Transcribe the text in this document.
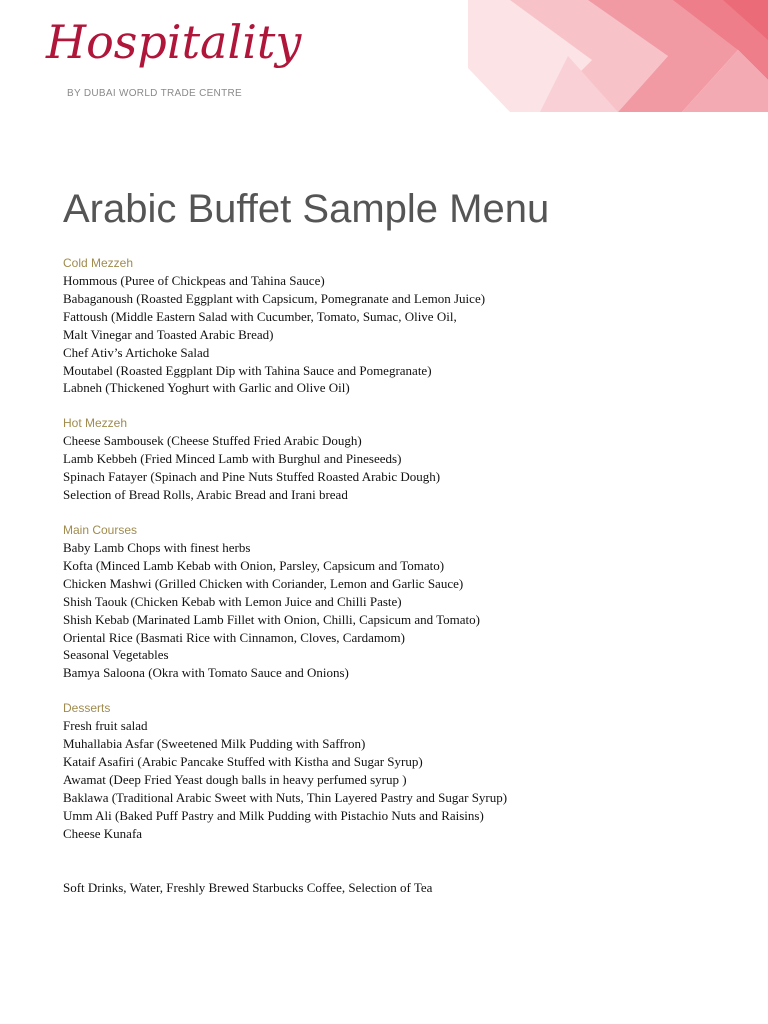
Hospitality
BY DUBAI WORLD TRADE CENTRE
Arabic Buffet Sample Menu
Cold Mezzeh
Hommous (Puree of Chickpeas and Tahina Sauce)
Babaganoush (Roasted Eggplant with Capsicum, Pomegranate and Lemon Juice)
Fattoush (Middle Eastern Salad with Cucumber, Tomato, Sumac, Olive Oil,
Malt Vinegar and Toasted Arabic Bread)
Chef Ativ’s Artichoke Salad
Moutabel (Roasted Eggplant Dip with Tahina Sauce and Pomegranate)
Labneh (Thickened Yoghurt with Garlic and Olive Oil)
Hot Mezzeh
Cheese Sambousek (Cheese Stuffed Fried Arabic Dough)
Lamb Kebbeh (Fried Minced Lamb with Burghul and Pineseeds)
Spinach Fatayer (Spinach and Pine Nuts Stuffed Roasted Arabic Dough)
Selection of Bread Rolls, Arabic Bread and Irani bread
Main Courses
Baby Lamb Chops with finest herbs
Kofta (Minced Lamb Kebab with Onion, Parsley, Capsicum and Tomato)
Chicken Mashwi (Grilled Chicken with Coriander, Lemon and Garlic Sauce)
Shish Taouk (Chicken Kebab with Lemon Juice and Chilli Paste)
Shish Kebab (Marinated Lamb Fillet with Onion, Chilli, Capsicum and Tomato)
Oriental Rice (Basmati Rice with Cinnamon, Cloves, Cardamom)
Seasonal Vegetables
Bamya Saloona (Okra with Tomato Sauce and Onions)
Desserts
Fresh fruit salad
Muhallabia Asfar (Sweetened Milk Pudding with Saffron)
Kataif Asafiri (Arabic Pancake Stuffed with Kistha and Sugar Syrup)
Awamat (Deep Fried Yeast dough balls in heavy perfumed syrup )
Baklawa (Traditional Arabic Sweet with Nuts, Thin Layered Pastry and Sugar Syrup)
Umm Ali (Baked Puff Pastry and Milk Pudding with Pistachio Nuts and Raisins)
Cheese Kunafa
Soft Drinks, Water, Freshly Brewed Starbucks Coffee, Selection of Tea
